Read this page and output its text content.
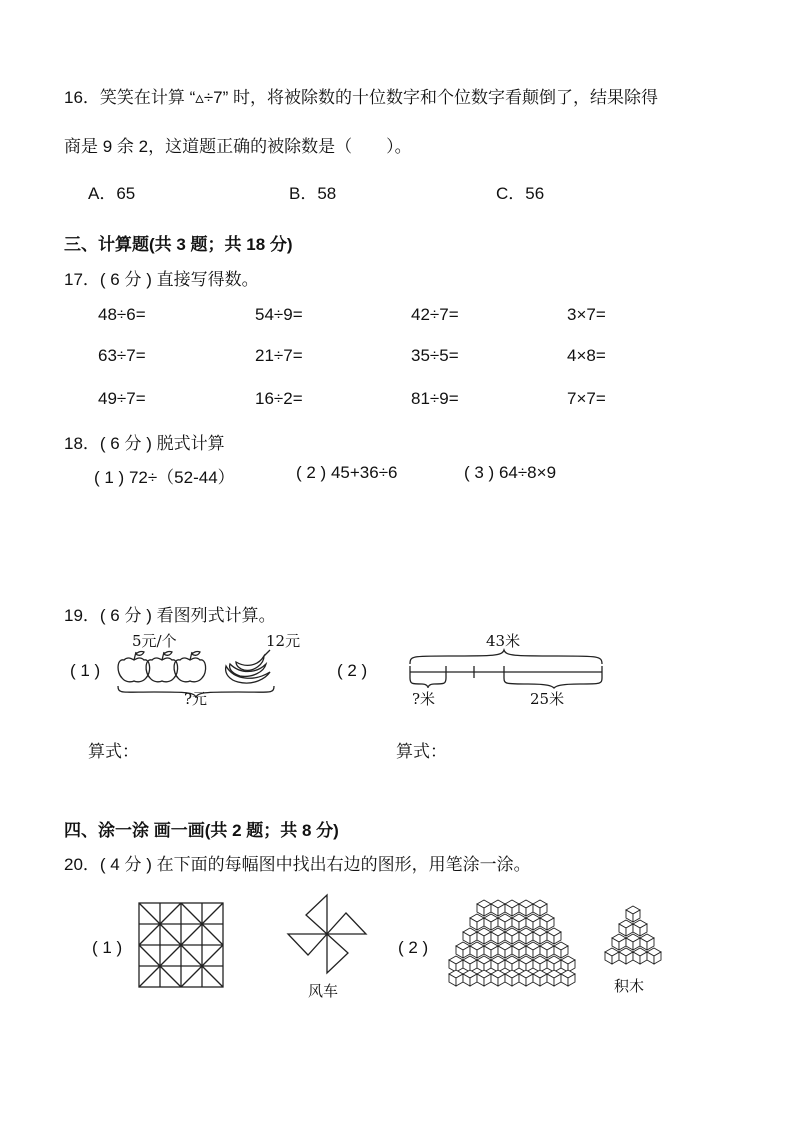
16．笑笑在计算 “▵÷7” 时，将被除数的十位数字和个位数字看颠倒了，结果除得
商是 9 余 2，这道题正确的被除数是（　　）。
A．65	B．58	C．56
三、计算题(共 3 题；共 18 分)
17．( 6 分 ) 直接写得数。
48÷6=	54÷9=	42÷7=	3×7=
63÷7=	21÷7=	35÷5=	4×8=
49÷7=	16÷2=	81÷9=	7×7=
18．( 6 分 ) 脱式计算
( 1 ) 72÷（52-44）	( 2 ) 45+36÷6	( 3 ) 64÷8×9
19．( 6 分 ) 看图列式计算。
( 1 )	( 2 )
5元/个	12元
?元
43米
?米	25米
算式：	算式：
四、涂一涂 画一画(共 2 题；共 8 分)
20．( 4 分 ) 在下面的每幅图中找出右边的图形，用笔涂一涂。
( 1 )	( 2 )
风车	积木
